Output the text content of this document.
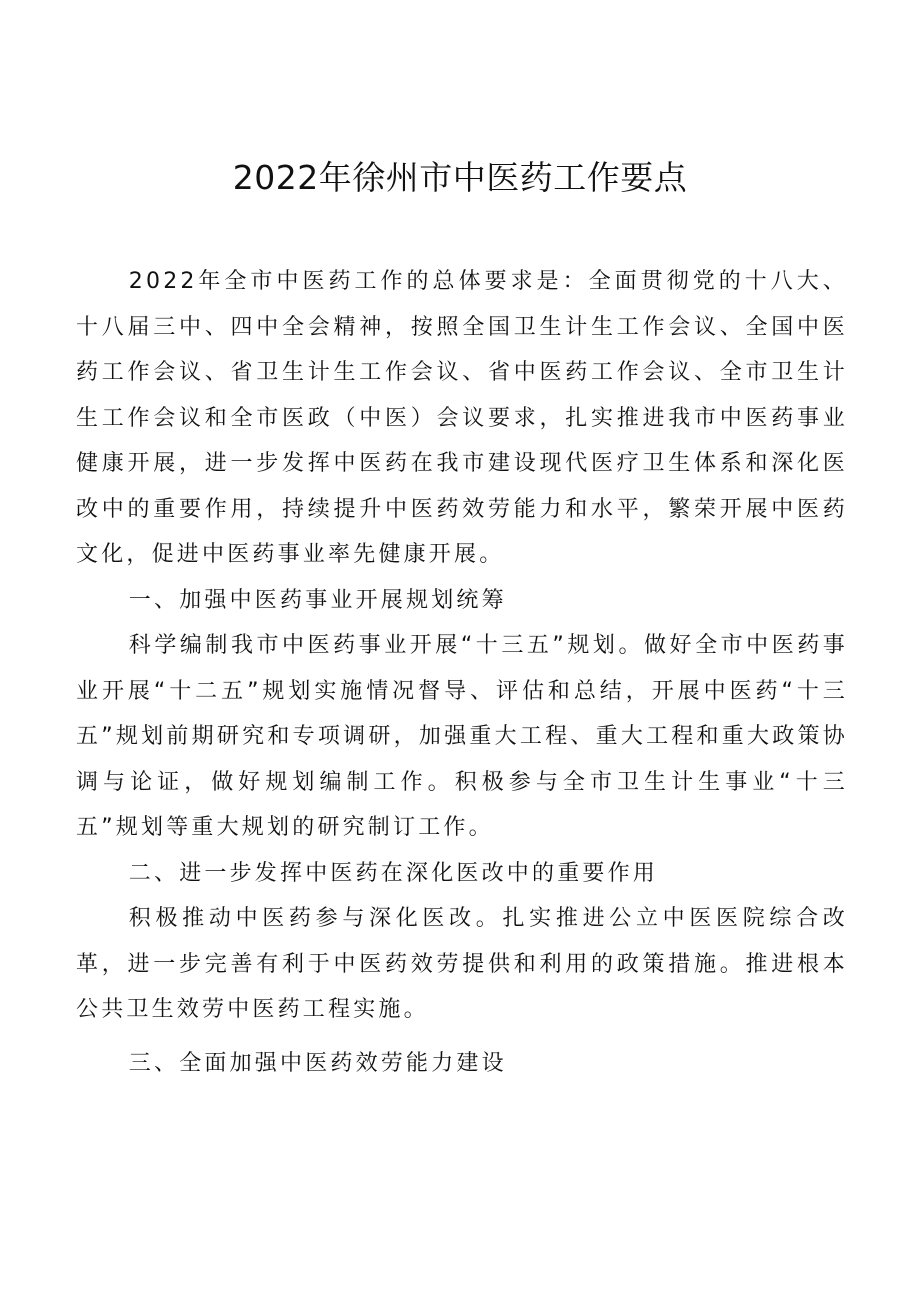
2022年徐州市中医药工作要点

2022年全市中医药工作的总体要求是：全面贯彻党的十八大、十八届三中、四中全会精神，按照全国卫生计生工作会议、全国中医药工作会议、省卫生计生工作会议、省中医药工作会议、全市卫生计生工作会议和全市医政（中医）会议要求，扎实推进我市中医药事业健康开展，进一步发挥中医药在我市建设现代医疗卫生体系和深化医改中的重要作用，持续提升中医药效劳能力和水平，繁荣开展中医药文化，促进中医药事业率先健康开展。

一、加强中医药事业开展规划统筹

科学编制我市中医药事业开展“十三五”规划。做好全市中医药事业开展“十二五”规划实施情况督导、评估和总结，开展中医药“十三五”规划前期研究和专项调研，加强重大工程、重大工程和重大政策协调与论证，做好规划编制工作。积极参与全市卫生计生事业“十三五”规划等重大规划的研究制订工作。

二、进一步发挥中医药在深化医改中的重要作用

积极推动中医药参与深化医改。扎实推进公立中医医院综合改革，进一步完善有利于中医药效劳提供和利用的政策措施。推进根本公共卫生效劳中医药工程实施。

三、全面加强中医药效劳能力建设
